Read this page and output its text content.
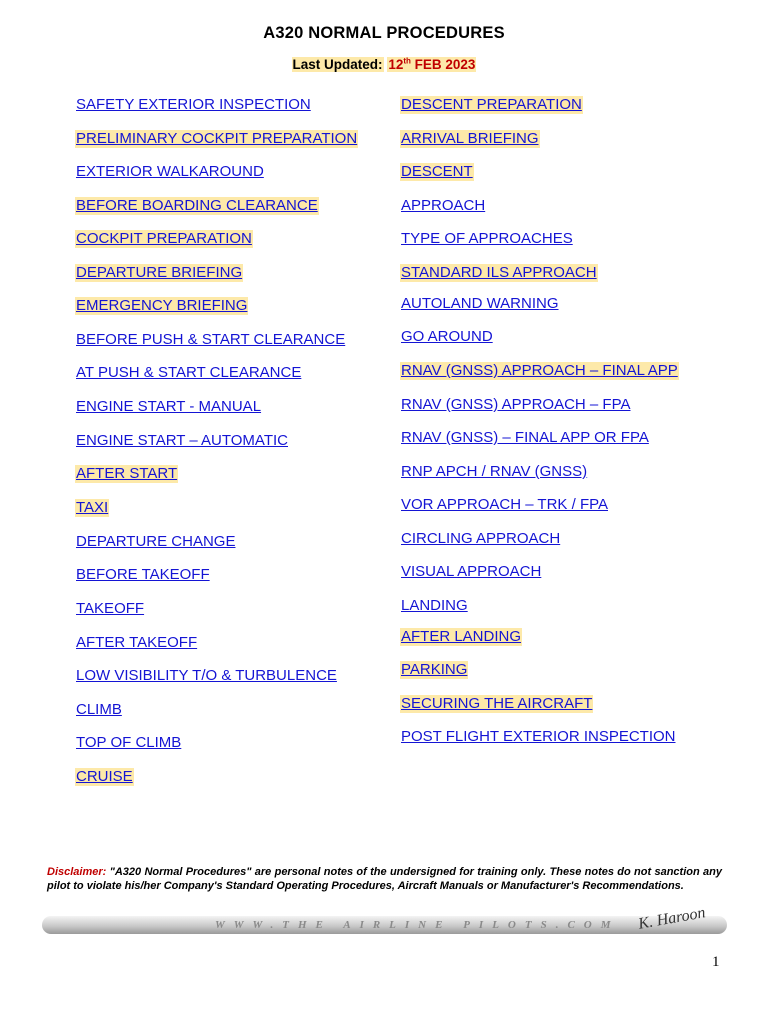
A320 NORMAL PROCEDURES
Last Updated: 12th FEB 2023
SAFETY EXTERIOR INSPECTION
PRELIMINARY COCKPIT PREPARATION
EXTERIOR WALKAROUND
BEFORE BOARDING CLEARANCE
COCKPIT PREPARATION
DEPARTURE BRIEFING
EMERGENCY BRIEFING
BEFORE PUSH & START CLEARANCE
AT PUSH & START CLEARANCE
ENGINE START - MANUAL
ENGINE START – AUTOMATIC
AFTER START
TAXI
DEPARTURE CHANGE
BEFORE TAKEOFF
TAKEOFF
AFTER TAKEOFF
LOW VISIBILITY T/O & TURBULENCE
CLIMB
TOP OF CLIMB
CRUISE
DESCENT PREPARATION
ARRIVAL BRIEFING
DESCENT
APPROACH
TYPE OF APPROACHES
STANDARD ILS APPROACH
AUTOLAND WARNING
GO AROUND
RNAV (GNSS) APPROACH – FINAL APP
RNAV (GNSS) APPROACH – FPA
RNAV (GNSS) – FINAL APP OR FPA
RNP APCH / RNAV (GNSS)
VOR APPROACH – TRK / FPA
CIRCLING APPROACH
VISUAL APPROACH
LANDING
AFTER LANDING
PARKING
SECURING THE AIRCRAFT
POST FLIGHT EXTERIOR INSPECTION
Disclaimer: "A320 Normal Procedures" are personal notes of the undersigned for training only. These notes do not sanction any pilot to violate his/her Company's Standard Operating Procedures, Aircraft Manuals or Manufacturer's Recommendations.
WWW.THE AIRLINE PILOTS.COM K. Haroon
1
